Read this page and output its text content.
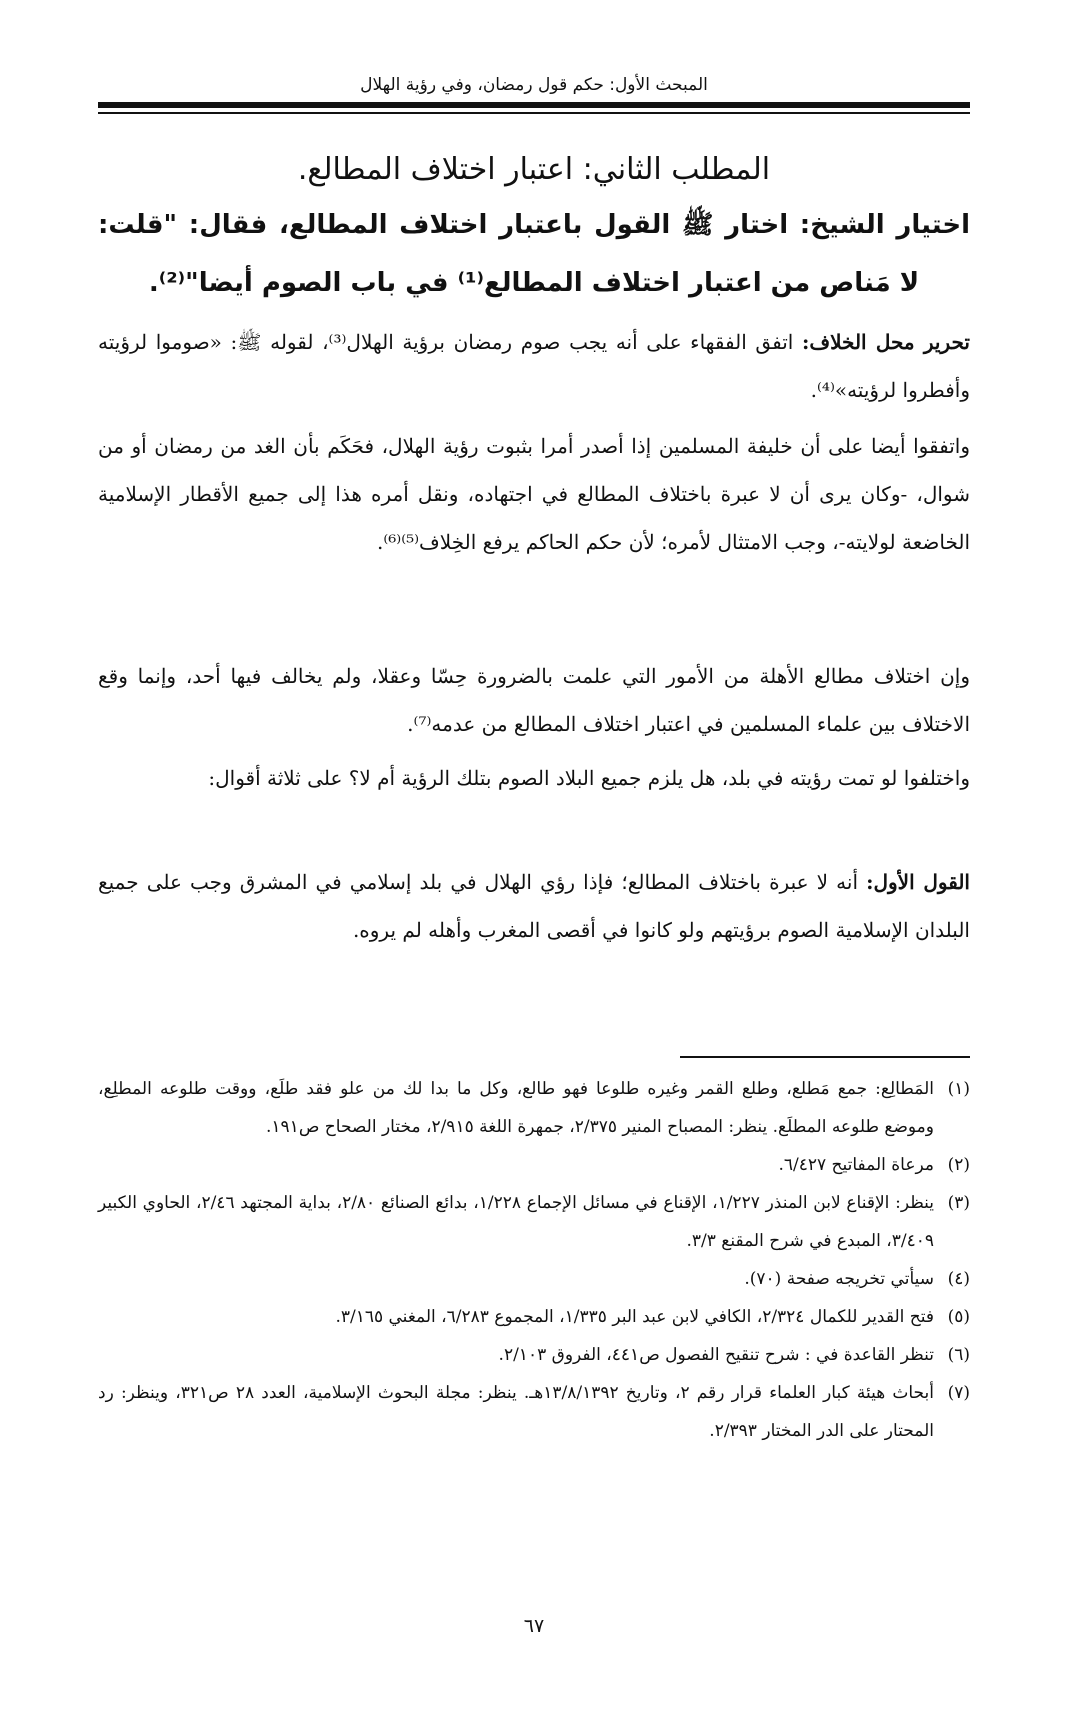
المبحث الأول: حكم قول رمضان، وفي رؤية الهلال
المطلب الثاني: اعتبار اختلاف المطالع.

اختيار الشيخ: اختار ﷺ القول باعتبار اختلاف المطالع، فقال: "قلت: لا مَناص من اعتبار اختلاف المطالع⁽¹⁾ في باب الصوم أيضا"⁽²⁾.

تحرير محل الخلاف: اتفق الفقهاء على أنه يجب صوم رمضان برؤية الهلال⁽³⁾، لقوله ﷺ: «صوموا لرؤيته وأفطروا لرؤيته»⁽⁴⁾.

واتفقوا أيضا على أن خليفة المسلمين إذا أصدر أمرا بثبوت رؤية الهلال، فحَكَم بأن الغد من رمضان أو من شوال، -وكان يرى أن لا عبرة باختلاف المطالع في اجتهاده، ونقل أمره هذا إلى جميع الأقطار الإسلامية الخاضعة لولايته-، وجب الامتثال لأمره؛ لأن حكم الحاكم يرفع الخِلاف⁽⁵⁾⁽⁶⁾.

وإن اختلاف مطالع الأهلة من الأمور التي علمت بالضرورة حِسّا وعقلا، ولم يخالف فيها أحد، وإنما وقع الاختلاف بين علماء المسلمين في اعتبار اختلاف المطالع من عدمه⁽⁷⁾.

واختلفوا لو تمت رؤيته في بلد، هل يلزم جميع البلاد الصوم بتلك الرؤية أم لا؟ على ثلاثة أقوال:

القول الأول: أنه لا عبرة باختلاف المطالع؛ فإذا رؤي الهلال في بلد إسلامي في المشرق وجب على جميع البلدان الإسلامية الصوم برؤيتهم ولو كانوا في أقصى المغرب وأهله لم يروه.

(١)
المَطالِع: جمع مَطلع، وطلع القمر وغيره طلوعا فهو طالع، وكل ما بدا لك من علو فقد طلَع، ووقت طلوعه المطلِع، وموضع طلوعه المطلَع. ينظر: المصباح المنير ٢/٣٧٥، جمهرة اللغة ٢/٩١٥، مختار الصحاح ص١٩١.
(٢)
مرعاة المفاتيح ٦/٤٢٧.
(٣)
ينظر: الإقناع لابن المنذر ١/٢٢٧، الإقناع في مسائل الإجماع ١/٢٢٨، بدائع الصنائع ٢/٨٠، بداية المجتهد ٢/٤٦، الحاوي الكبير ٣/٤٠٩، المبدع في شرح المقنع ٣/٣.
(٤)
سيأتي تخريجه صفحة (٧٠).
(٥)
فتح القدير للكمال ٢/٣٢٤، الكافي لابن عبد البر ١/٣٣٥، المجموع ٦/٢٨٣، المغني ٣/١٦٥.
(٦)
تنظر القاعدة في : شرح تنقيح الفصول ص٤٤١، الفروق ٢/١٠٣.
(٧)
أبحاث هيئة كبار العلماء قرار رقم ٢، وتاريخ ١٣/٨/١٣٩٢هـ. ينظر: مجلة البحوث الإسلامية، العدد ٢٨ ص٣٢١، وينظر: رد المحتار على الدر المختار ٢/٣٩٣.
٦٧
